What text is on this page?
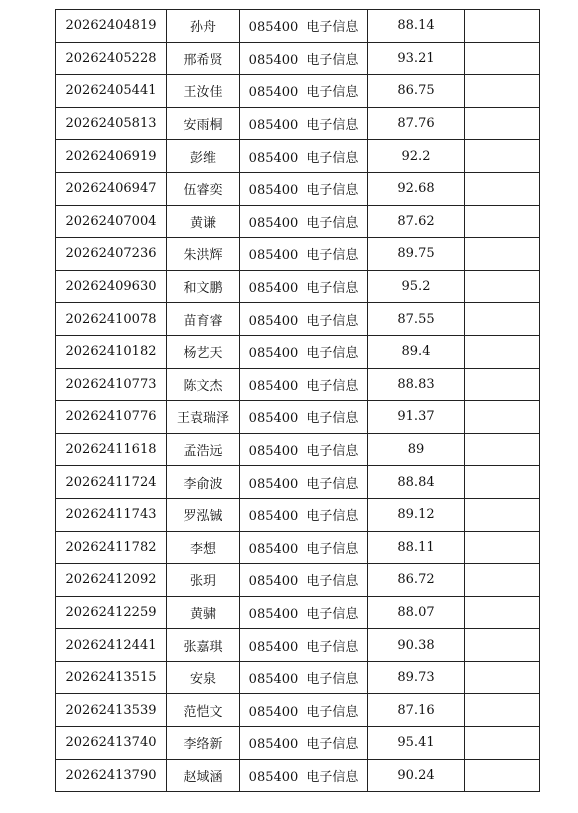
20262404819	孙舟	085400 电子信息	88.14	
20262405228	邢希贤	085400 电子信息	93.21	
20262405441	王汝佳	085400 电子信息	86.75	
20262405813	安雨桐	085400 电子信息	87.76	
20262406919	彭维	085400 电子信息	92.2	
20262406947	伍睿奕	085400 电子信息	92.68	
20262407004	黄谦	085400 电子信息	87.62	
20262407236	朱洪辉	085400 电子信息	89.75	
20262409630	和文鹏	085400 电子信息	95.2	
20262410078	苗育睿	085400 电子信息	87.55	
20262410182	杨艺天	085400 电子信息	89.4	
20262410773	陈文杰	085400 电子信息	88.83	
20262410776	王袁瑞泽	085400 电子信息	91.37	
20262411618	孟浩远	085400 电子信息	89	
20262411724	李俞波	085400 电子信息	88.84	
20262411743	罗泓铖	085400 电子信息	89.12	
20262411782	李想	085400 电子信息	88.11	
20262412092	张玥	085400 电子信息	86.72	
20262412259	黄骕	085400 电子信息	88.07	
20262412441	张嘉琪	085400 电子信息	90.38	
20262413515	安泉	085400 电子信息	89.73	
20262413539	范恺文	085400 电子信息	87.16	
20262413740	李络新	085400 电子信息	95.41	
20262413790	赵域涵	085400 电子信息	90.24	
